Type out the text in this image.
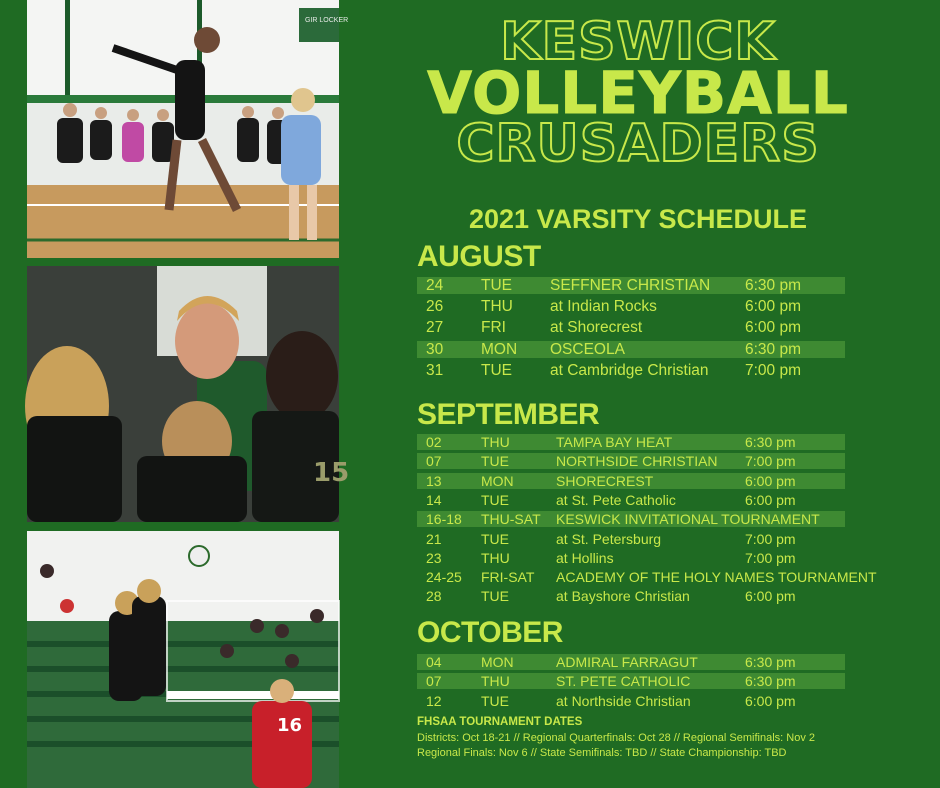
GIR LOCKER
15
16
KESWICK
VOLLEYBALL
CRUSADERS
2021 VARSITY SCHEDULE
AUGUST
SEPTEMBER
OCTOBER
24 TUE SEFFNER CHRISTIAN 6:30 pm
26 THU at Indian Rocks	6:00 pm
27 FRI	at Shorecrest	6:00 pm
30 MON OSCEOLA	6:30 pm
31 TUE at Cambridge Christian 7:00 pm
02	THU	TAMPA BAY HEAT	6:30 pm
07	TUE	NORTHSIDE CHRISTIAN 7:00 pm
13	MON	SHORECREST	6:00 pm
14	TUE	at St. Pete Catholic	6:00 pm
16-18 THU-SAT KESWICK INVITATIONAL TOURNAMENT
21	TUE	at St. Petersburg	7:00 pm
23	THU	at Hollins	7:00 pm
24-25 FRI-SAT ACADEMY OF THE HOLY NAMES TOURNAMENT
28	TUE	at Bayshore Christian	6:00 pm
04	MON	ADMIRAL FARRAGUT	6:30 pm
07	THU	ST. PETE CATHOLIC	6:30 pm
12	TUE	at Northside Christian	6:00 pm
FHSAA TOURNAMENT DATES
Districts: Oct 18-21 // Regional Quarterfinals: Oct 28 // Regional Semifinals: Nov 2
Regional Finals: Nov 6 // State Semifinals: TBD // State Championship: TBD
